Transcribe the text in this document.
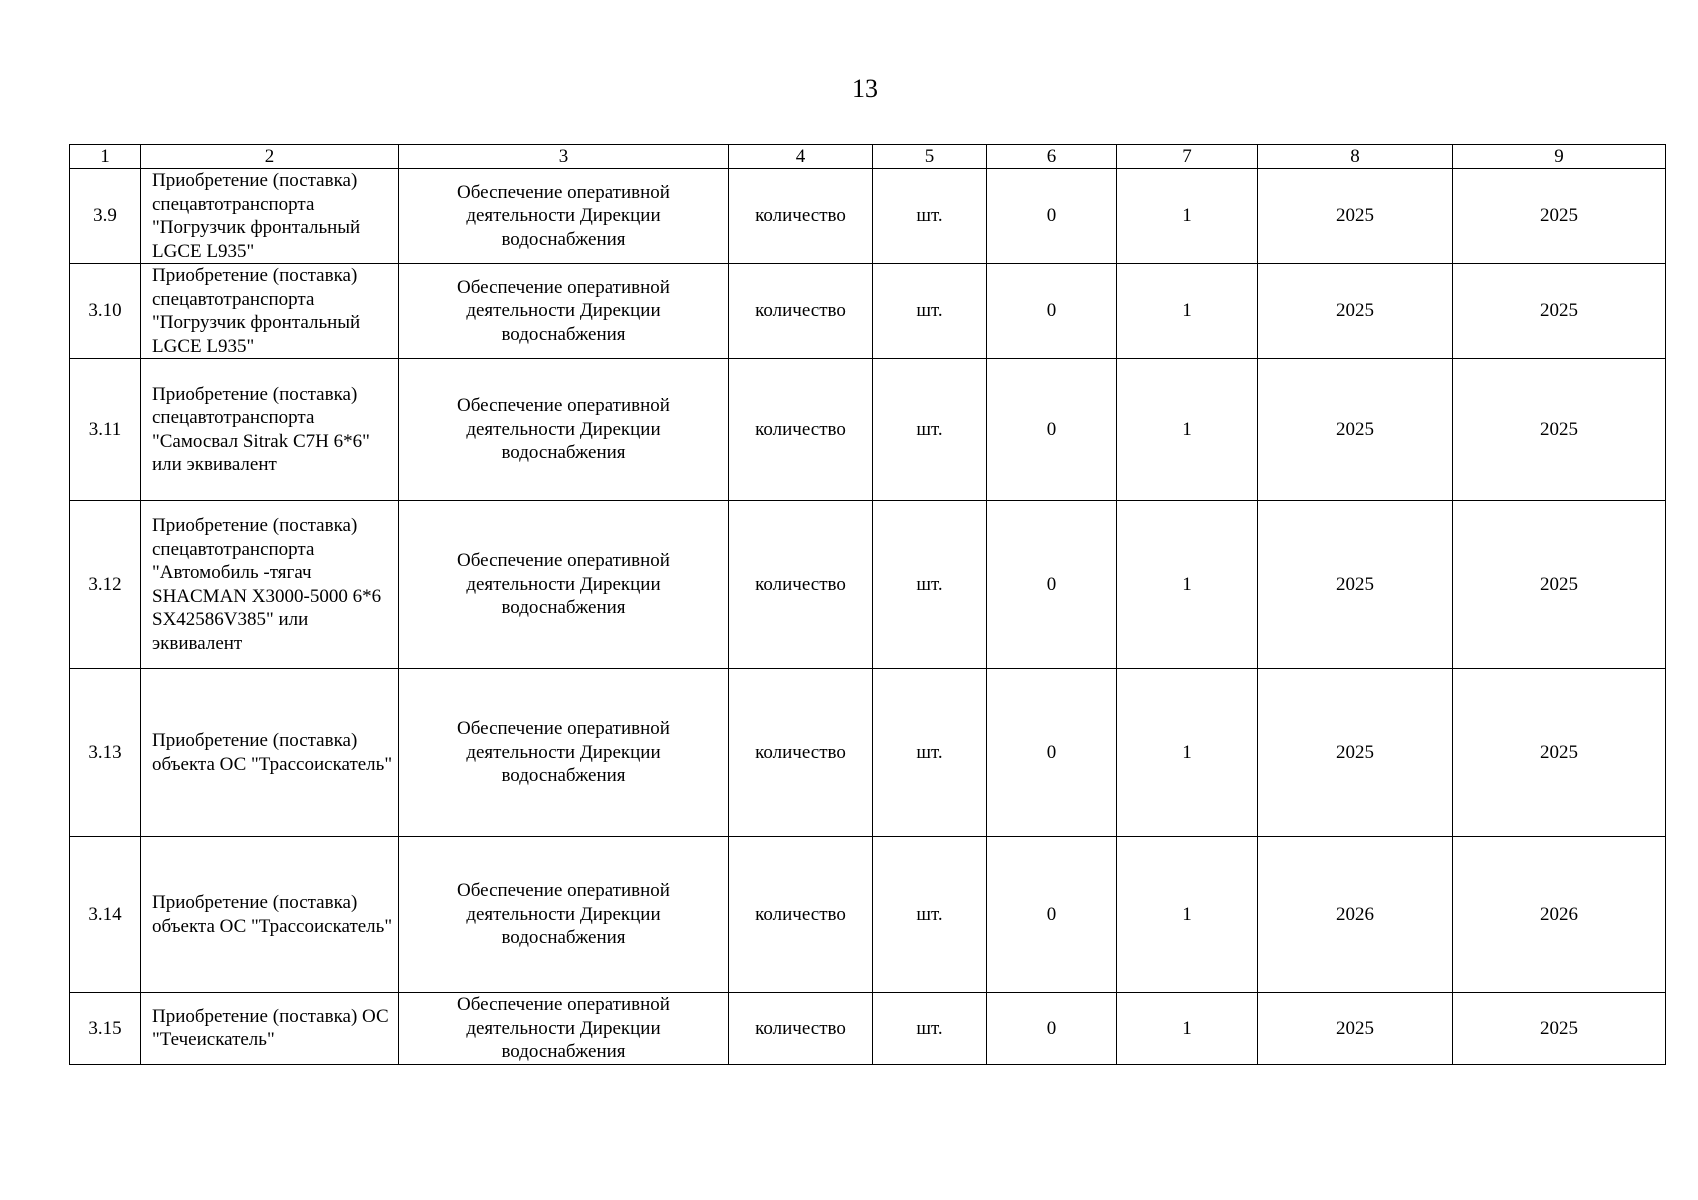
13
1	2	3	4	5	6	7	8	9
3.9	Приобретение (поставка) спецавтотранспорта "Погрузчик фронтальный LGCE L935"	Обеспечение оперативной деятельности Дирекции водоснабжения	количество	шт.	0	1	2025	2025
3.10	Приобретение (поставка) спецавтотранспорта "Погрузчик фронтальный LGCE L935"	Обеспечение оперативной деятельности Дирекции водоснабжения	количество	шт.	0	1	2025	2025
3.11	Приобретение (поставка) спецавтотранспорта "Самосвал Sitrak C7H 6*6" или эквивалент	Обеспечение оперативной деятельности Дирекции водоснабжения	количество	шт.	0	1	2025	2025
3.12	Приобретение (поставка) спецавтотранспорта "Автомобиль -тягач SHACMAN X3000-5000 6*6 SX42586V385" или эквивалент	Обеспечение оперативной деятельности Дирекции водоснабжения	количество	шт.	0	1	2025	2025
3.13	Приобретение (поставка) объекта ОС "Трассоискатель"	Обеспечение оперативной деятельности Дирекции водоснабжения	количество	шт.	0	1	2025	2025
3.14	Приобретение (поставка) объекта ОС "Трассоискатель"	Обеспечение оперативной деятельности Дирекции водоснабжения	количество	шт.	0	1	2026	2026
3.15	Приобретение (поставка) ОС "Течеискатель"	Обеспечение оперативной деятельности Дирекции водоснабжения	количество	шт.	0	1	2025	2025
